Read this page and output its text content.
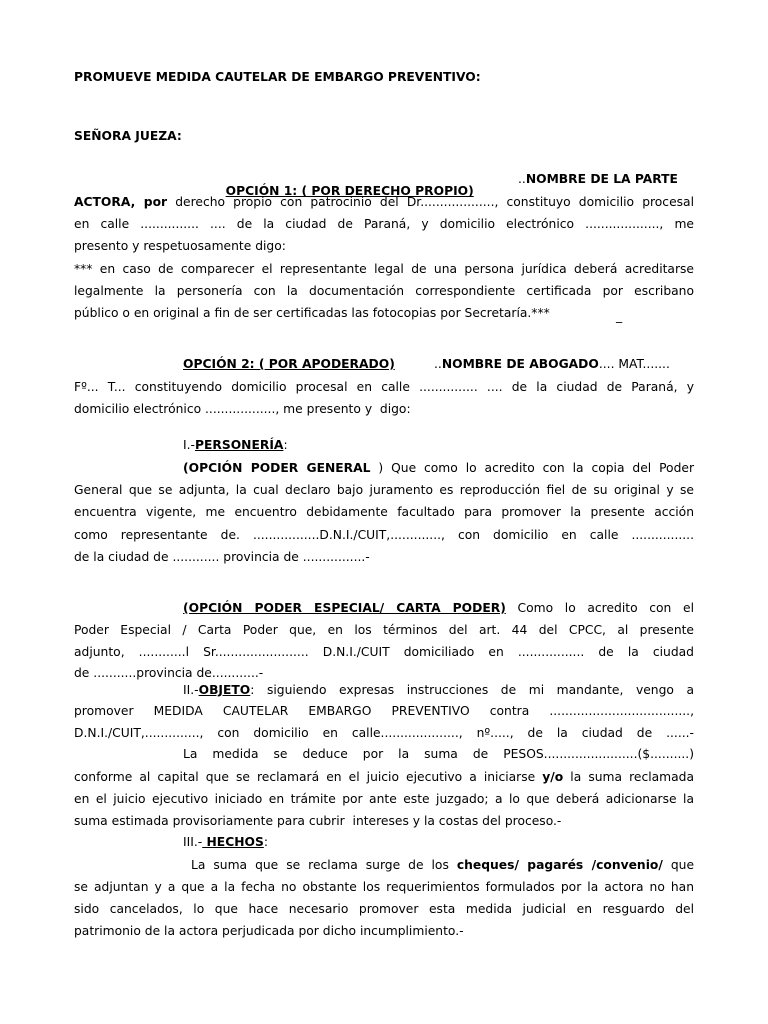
PROMUEVE MEDIDA CAUTELAR DE EMBARGO PREVENTIVO:
SEÑORA JUEZA:

OPCIÓN 1: ( POR DERECHO PROPIO)

..NOMBRE DE LA PARTE
ACTORA, por derecho propio con patrocinio del Dr..................., constituyo domicilio procesal
en calle ............... .... de la ciudad de Paraná, y domicilio electrónico ..................., me
presento y respetuosamente digo:
*** en caso de comparecer el representante legal de una persona jurídica deberá acreditarse
legalmente la personería con la documentación correspondiente certificada por escribano
público o en original a fin de ser certificadas las fotocopias por Secretaría.***	_
OPCIÓN 2: ( POR APODERADO)	..NOMBRE DE ABOGADO.... MAT.......
Fº... T... constituyendo domicilio procesal en calle ............... .... de la ciudad de Paraná, y
domicilio electrónico .................., me presento y  digo:
I.-PERSONERÍA:
(OPCIÓN PODER GENERAL ) Que como lo acredito con la copia del Poder
General que se adjunta, la cual declaro bajo juramento es reproducción fiel de su original y se
encuentra vigente, me encuentro debidamente facultado para promover la presente acción
como representante de. .................D.N.I./CUIT,............., con domicilio en calle ................
de la ciudad de ............ provincia de ................-
(OPCIÓN PODER ESPECIAL/ CARTA PODER) Como lo acredito con el
Poder Especial / Carta Poder que, en los términos del art. 44 del CPCC, al presente
adjunto, ............l Sr........................ D.N.I./CUIT domiciliado en ................. de la ciudad
de ...........provincia de............-
II.-OBJETO: siguiendo expresas instrucciones de mi mandante, vengo a
promover MEDIDA CAUTELAR EMBARGO PREVENTIVO contra ....................................,
D.N.I./CUIT,.............., con domicilio en calle...................., nº....., de la ciudad de ......-
La medida se deduce por la suma de PESOS........................($..........)
conforme al capital que se reclamará en el juicio ejecutivo a iniciarse y/o la suma reclamada
en el juicio ejecutivo iniciado en trámite por ante este juzgado; a lo que deberá adicionarse la
suma estimada provisoriamente para cubrir  intereses y la costas del proceso.-
III.- HECHOS:
La suma que se reclama surge de los cheques/ pagarés /convenio/ que
se adjuntan y a que a la fecha no obstante los requerimientos formulados por la actora no han
sido cancelados, lo que hace necesario promover esta medida judicial en resguardo del
patrimonio de la actora perjudicada por dicho incumplimiento.-
